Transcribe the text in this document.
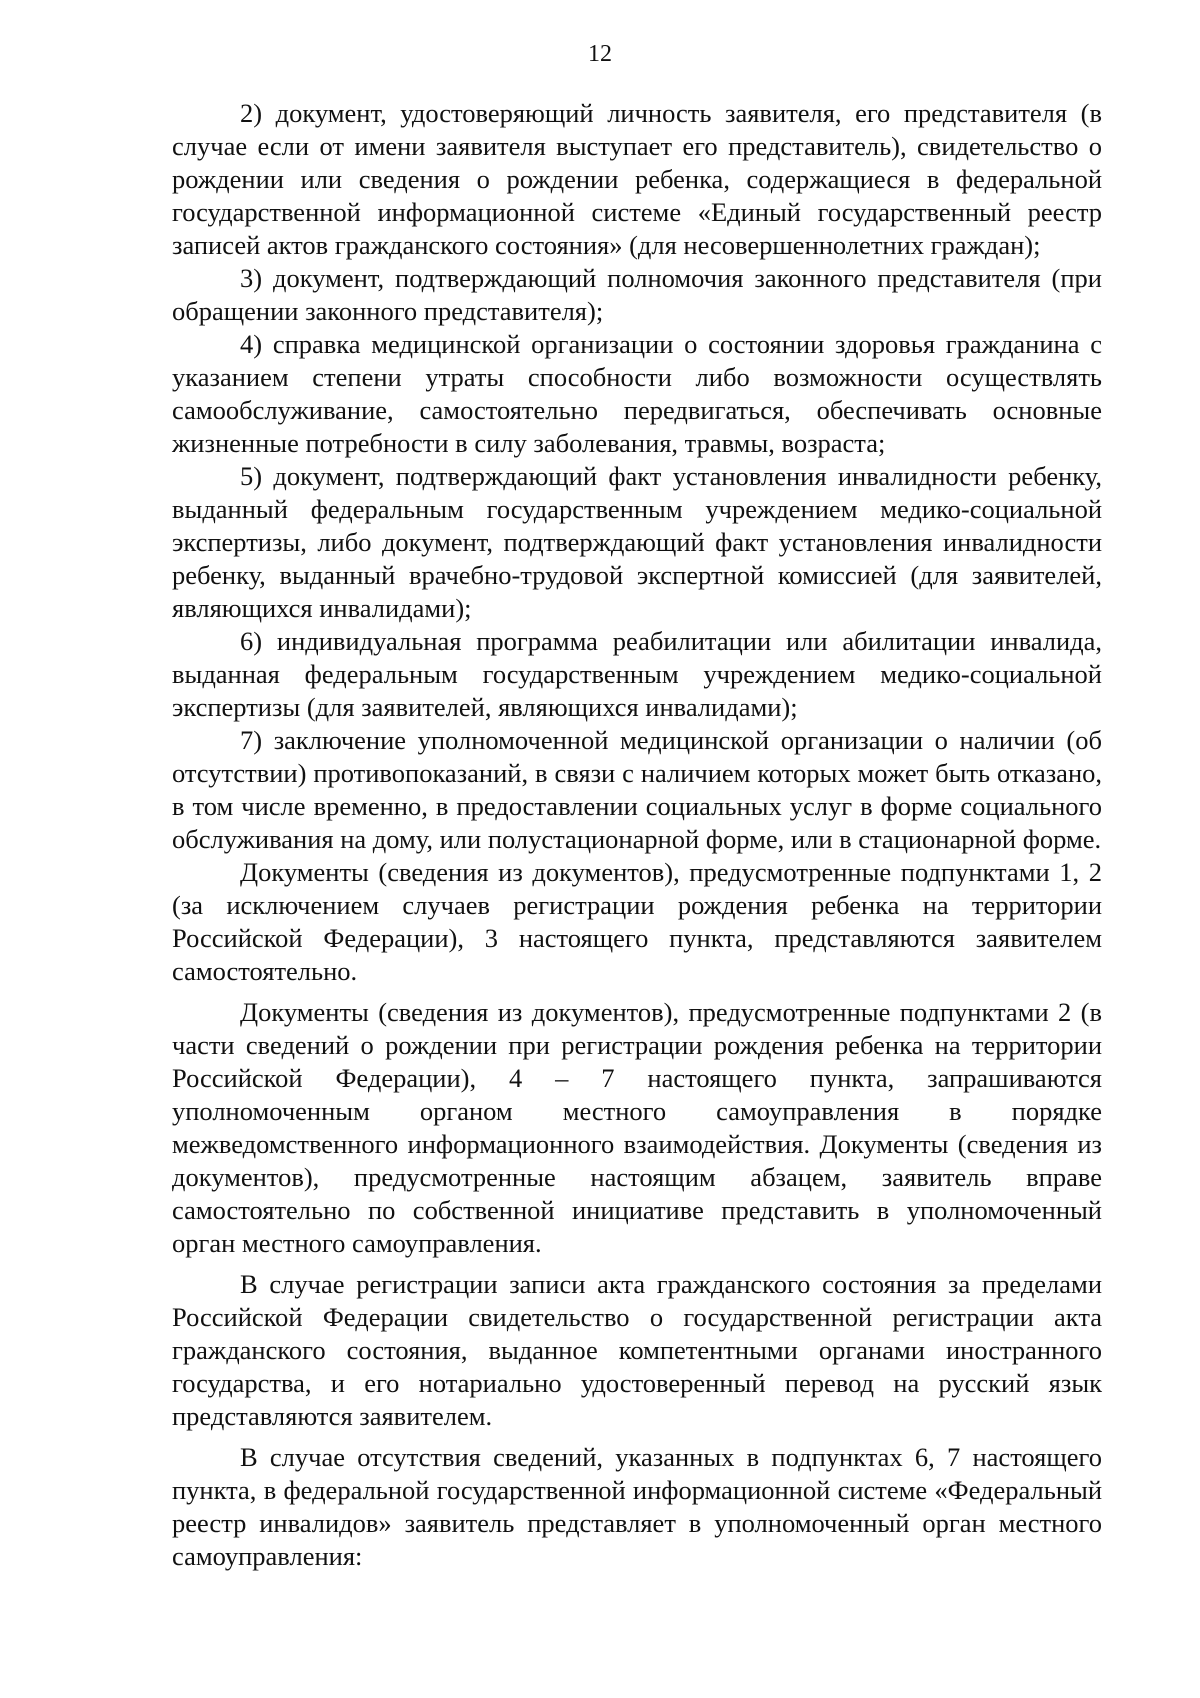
12

2) документ, удостоверяющий личность заявителя, его представителя (в случае если от имени заявителя выступает его представитель), свидетельство о рождении или сведения о рождении ребенка, содержащиеся в федеральной государственной информационной системе «Единый государственный реестр записей актов гражданского состояния» (для несовершеннолетних граждан);

3) документ, подтверждающий полномочия законного представителя (при обращении законного представителя);

4) справка медицинской организации о состоянии здоровья гражданина с указанием степени утраты способности либо возможности осуществлять самообслуживание, самостоятельно передвигаться, обеспечивать основные жизненные потребности в силу заболевания, травмы, возраста;

5) документ, подтверждающий факт установления инвалидности ребенку, выданный федеральным государственным учреждением медико-социальной экспертизы, либо документ, подтверждающий факт установления инвалидности ребенку, выданный врачебно-трудовой экспертной комиссией (для заявителей, являющихся инвалидами);

6) индивидуальная программа реабилитации или абилитации инвалида, выданная федеральным государственным учреждением медико-социальной экспертизы (для заявителей, являющихся инвалидами);

7) заключение уполномоченной медицинской организации о наличии (об отсутствии) противопоказаний, в связи с наличием которых может быть отказано, в том числе временно, в предоставлении социальных услуг в форме социального обслуживания на дому, или полустационарной форме, или в стационарной форме.

Документы (сведения из документов), предусмотренные подпунктами 1, 2 (за исключением случаев регистрации рождения ребенка на территории Российской Федерации), 3 настоящего пункта, представляются заявителем самостоятельно.

Документы (сведения из документов), предусмотренные подпунктами 2 (в части сведений о рождении при регистрации рождения ребенка на территории Российской Федерации), 4 – 7 настоящего пункта, запрашиваются уполномоченным органом местного самоуправления в порядке межведомственного информационного взаимодействия. Документы (сведения из документов), предусмотренные настоящим абзацем, заявитель вправе самостоятельно по собственной инициативе представить в уполномоченный орган местного самоуправления.

В случае регистрации записи акта гражданского состояния за пределами Российской Федерации свидетельство о государственной регистрации акта гражданского состояния, выданное компетентными органами иностранного государства, и его нотариально удостоверенный перевод на русский язык представляются заявителем.

В случае отсутствия сведений, указанных в подпунктах 6, 7 настоящего пункта, в федеральной государственной информационной системе «Федеральный реестр инвалидов» заявитель представляет в уполномоченный орган местного самоуправления:
